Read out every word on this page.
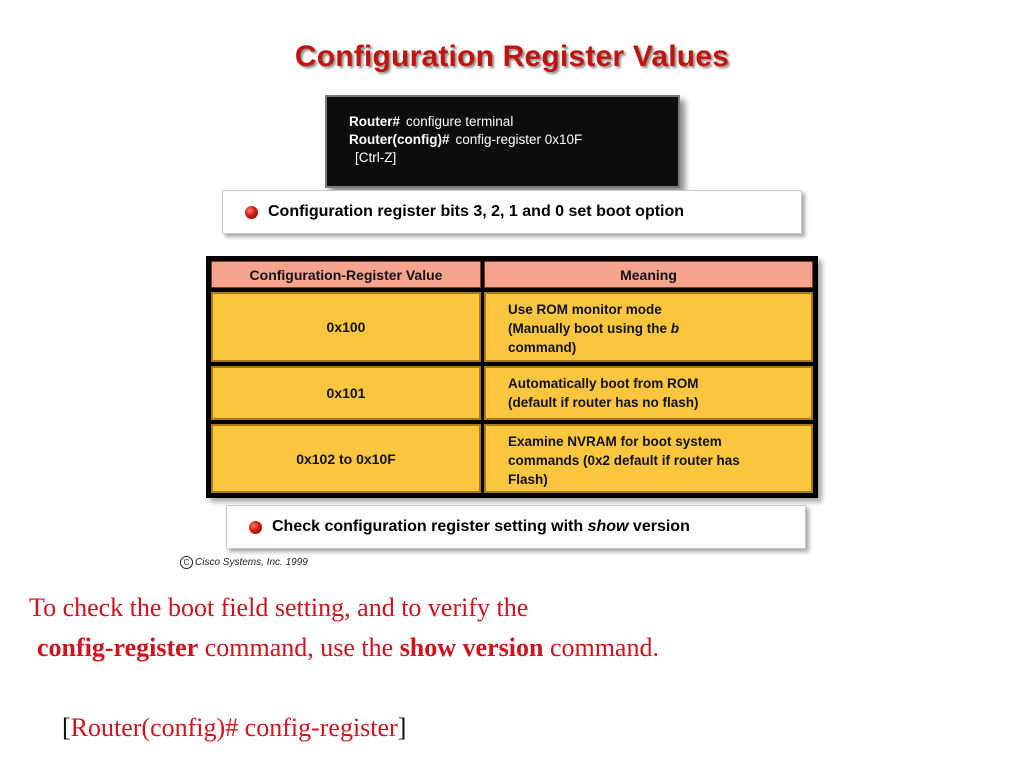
Configuration Register Values
Router# configure terminal
Router(config)# config-register 0x10F
[Ctrl-Z]
Configuration register bits 3, 2, 1 and 0 set boot option
Configuration-Register Value	Meaning
0x100
Use ROM monitor mode
(Manually boot using the b
command)
0x101
Automatically boot from ROM
(default if router has no flash)
0x102 to 0x10F
Examine NVRAM for boot system
commands (0x2 default if router has
Flash)
Check configuration register setting with show version
C Cisco Systems, Inc. 1999
To check the boot field setting, and to verify the
config-register command, use the show version command.
[Router(config)# config-register]
